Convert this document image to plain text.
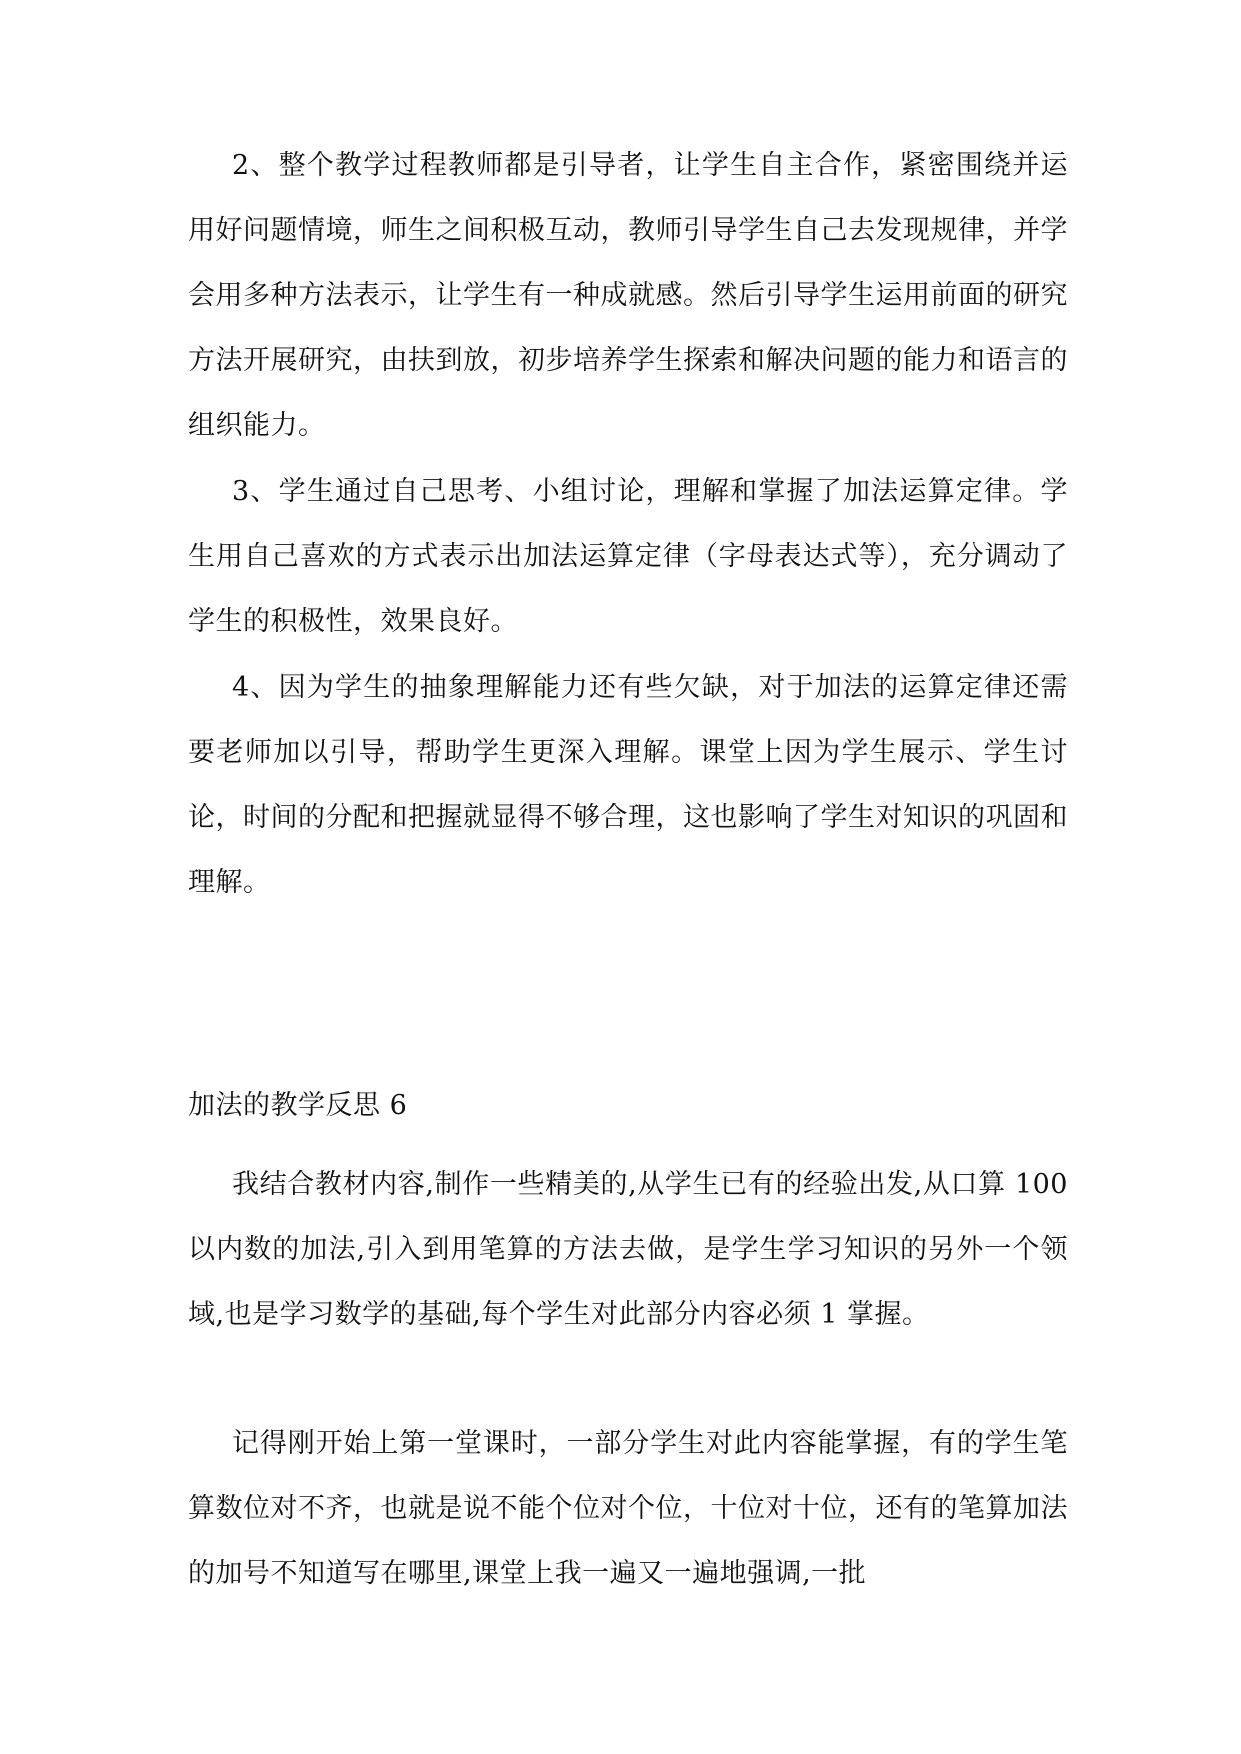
2、整个教学过程教师都是引导者，让学生自主合作，紧密围绕并运用好问题情境，师生之间积极互动，教师引导学生自己去发现规律，并学会用多种方法表示，让学生有一种成就感。然后引导学生运用前面的研究方法开展研究，由扶到放，初步培养学生探索和解决问题的能力和语言的组织能力。

3、学生通过自己思考、小组讨论，理解和掌握了加法运算定律。学生用自己喜欢的方式表示出加法运算定律（字母表达式等），充分调动了学生的积极性，效果良好。

4、因为学生的抽象理解能力还有些欠缺，对于加法的运算定律还需要老师加以引导，帮助学生更深入理解。课堂上因为学生展示、学生讨论，时间的分配和把握就显得不够合理，这也影响了学生对知识的巩固和理解。

加法的教学反思 6

我结合教材内容,制作一些精美的,从学生已有的经验出发,从口算 100 以内数的加法,引入到用笔算的方法去做，是学生学习知识的另外一个领域,也是学习数学的基础,每个学生对此部分内容必须 1 掌握。

记得刚开始上第一堂课时，一部分学生对此内容能掌握，有的学生笔算数位对不齐，也就是说不能个位对个位，十位对十位，还有的笔算加法的加号不知道写在哪里,课堂上我一遍又一遍地强调,一批
